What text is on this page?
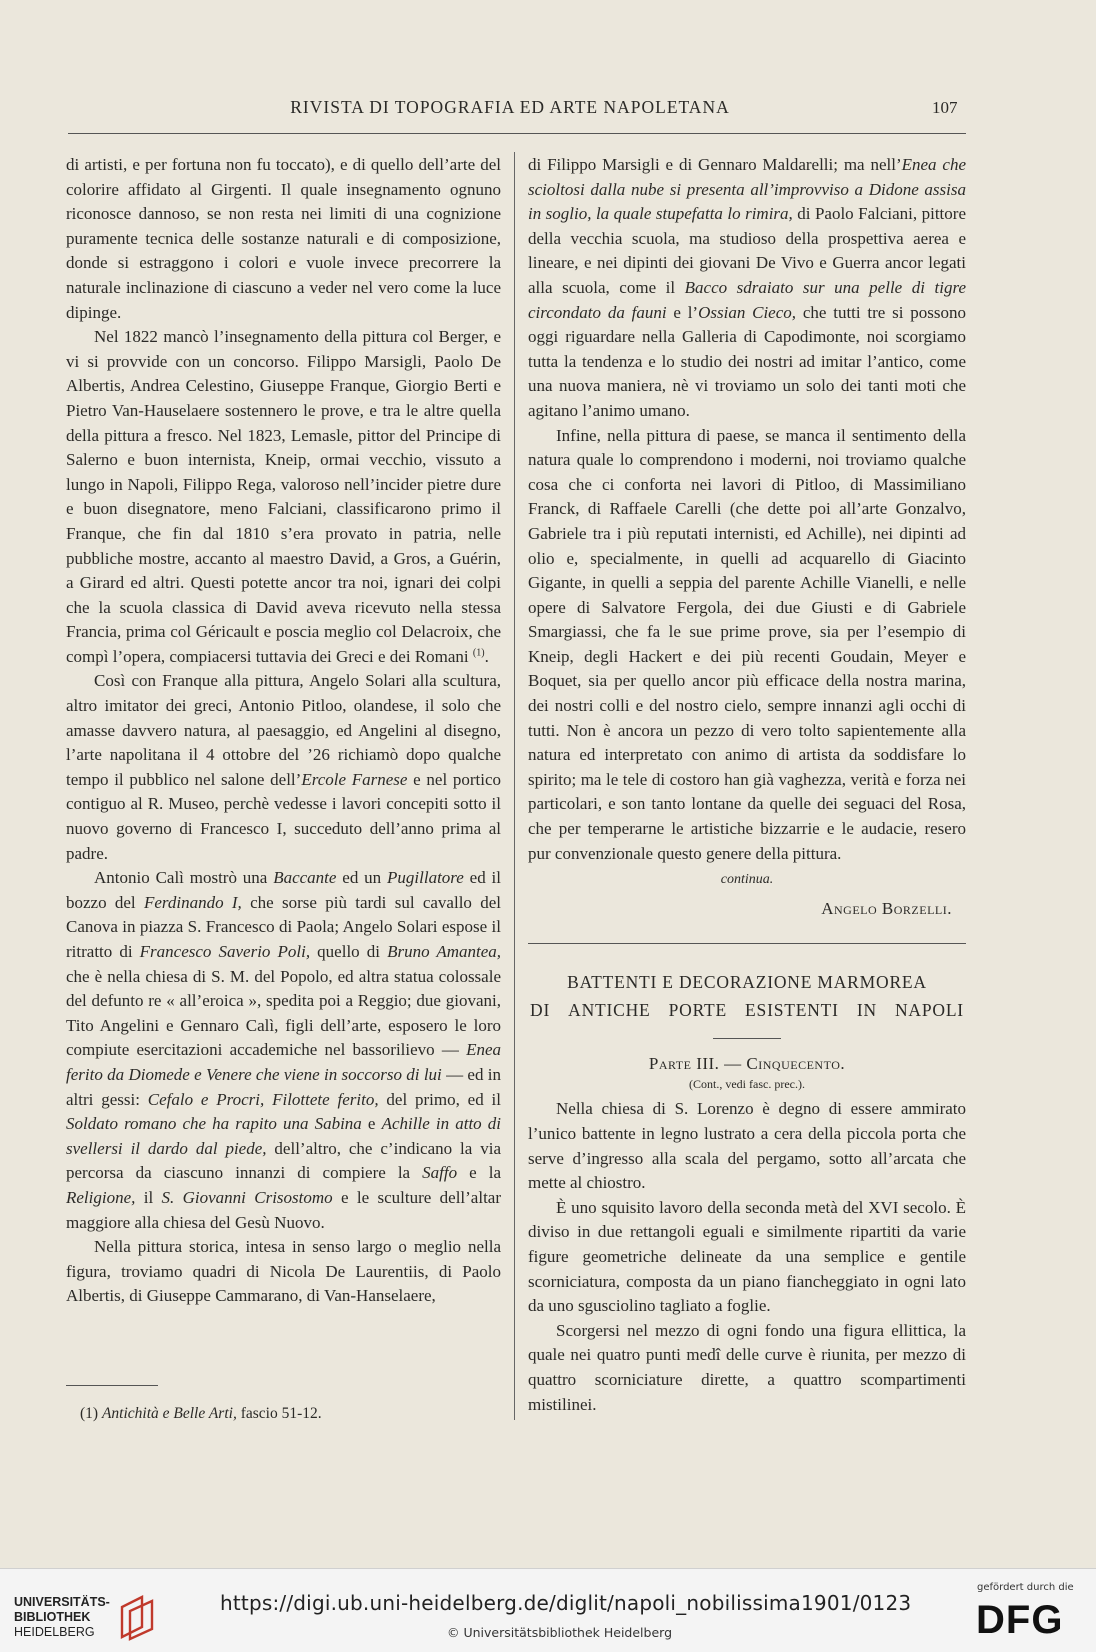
RIVISTA DI TOPOGRAFIA ED ARTE NAPOLETANA	107

di artisti, e per fortuna non fu toccato), e di quello dell’arte del colorire affidato al Girgenti. Il quale insegnamento ognuno riconosce dannoso, se non resta nei limiti di una cognizione puramente tecnica delle sostanze naturali e di composizione, donde si estraggono i colori e vuole invece precorrere la naturale inclinazione di ciascuno a veder nel vero come la luce dipinge.

Nel 1822 mancò l’insegnamento della pittura col Berger, e vi si provvide con un concorso. Filippo Marsigli, Paolo De Albertis, Andrea Celestino, Giuseppe Franque, Giorgio Berti e Pietro Van-Hauselaere sostennero le prove, e tra le altre quella della pittura a fresco. Nel 1823, Lemasle, pittor del Principe di Salerno e buon internista, Kneip, ormai vecchio, vissuto a lungo in Napoli, Filippo Rega, valoroso nell’incider pietre dure e buon disegnatore, meno Falciani, classificarono primo il Franque, che fin dal 1810 s’era provato in patria, nelle pubbliche mostre, accanto al maestro David, a Gros, a Guérin, a Girard ed altri. Questi potette ancor tra noi, ignari dei colpi che la scuola classica di David aveva ricevuto nella stessa Francia, prima col Géricault e poscia meglio col Delacroix, che compì l’opera, compiacersi tuttavia dei Greci e dei Romani $^{(1)}$.

Così con Franque alla pittura, Angelo Solari alla scultura, altro imitator dei greci, Antonio Pitloo, olandese, il solo che amasse davvero natura, al paesaggio, ed Angelini al disegno, l’arte napolitana il 4 ottobre del ’26 richiamò dopo qualche tempo il pubblico nel salone dell’Ercole Farnese e nel portico contiguo al R. Museo, perchè vedesse i lavori concepiti sotto il nuovo governo di Francesco I, succeduto dell’anno prima al padre.

Antonio Calì mostrò una Baccante ed un Pugillatore ed il bozzo del Ferdinando I, che sorse più tardi sul cavallo del Canova in piazza S. Francesco di Paola; Angelo Solari espose il ritratto di Francesco Saverio Poli, quello di Bruno Amantea, che è nella chiesa di S. M. del Popolo, ed altra statua colossale del defunto re « all’eroica », spedita poi a Reggio; due giovani, Tito Angelini e Gennaro Calì, figli dell’arte, esposero le loro compiute esercitazioni accademiche nel bassorilievo — Enea ferito da Diomede e Venere che viene in soccorso di lui — ed in altri gessi: Cefalo e Procri, Filottete ferito, del primo, ed il Soldato romano che ha rapito una Sabina e Achille in atto di svellersi il dardo dal piede, dell’altro, che c’indicano la via percorsa da ciascuno innanzi di compiere la Saffo e la Religione, il S. Giovanni Crisostomo e le sculture dell’altar maggiore alla chiesa del Gesù Nuovo.

Nella pittura storica, intesa in senso largo o meglio nella figura, troviamo quadri di Nicola De Laurentiis, di Paolo Albertis, di Giuseppe Cammarano, di Van-Hanselaere,

(1) Antichità e Belle Arti, fascio 51-12.

di Filippo Marsigli e di Gennaro Maldarelli; ma nell’Enea che scioltosi dalla nube si presenta all’improvviso a Didone assisa in soglio, la quale stupefatta lo rimira, di Paolo Falciani, pittore della vecchia scuola, ma studioso della prospettiva aerea e lineare, e nei dipinti dei giovani De Vivo e Guerra ancor legati alla scuola, come il Bacco sdraiato sur una pelle di tigre circondato da fauni e l’Ossian Cieco, che tutti tre si possono oggi riguardare nella Galleria di Capodimonte, noi scorgiamo tutta la tendenza e lo studio dei nostri ad imitar l’antico, come una nuova maniera, nè vi troviamo un solo dei tanti moti che agitano l’animo umano.

Infine, nella pittura di paese, se manca il sentimento della natura quale lo comprendono i moderni, noi troviamo qualche cosa che ci conforta nei lavori di Pitloo, di Massimiliano Franck, di Raffaele Carelli (che dette poi all’arte Gonzalvo, Gabriele tra i più reputati internisti, ed Achille), nei dipinti ad olio e, specialmente, in quelli ad acquarello di Giacinto Gigante, in quelli a seppia del parente Achille Vianelli, e nelle opere di Salvatore Fergola, dei due Giusti e di Gabriele Smargiassi, che fa le sue prime prove, sia per l’esempio di Kneip, degli Hackert e dei più recenti Goudain, Meyer e Boquet, sia per quello ancor più efficace della nostra marina, dei nostri colli e del nostro cielo, sempre innanzi agli occhi di tutti. Non è ancora un pezzo di vero tolto sapientemente alla natura ed interpretato con animo di artista da soddisfare lo spirito; ma le tele di costoro han già vaghezza, verità e forza nei particolari, e son tanto lontane da quelle dei seguaci del Rosa, che per temperarne le artistiche bizzarrie e le audacie, resero pur convenzionale questo genere della pittura.

continua.
Angelo Borzelli.
BATTENTI E DECORAZIONE MARMOREA
DI ANTICHE PORTE ESISTENTI IN NAPOLI
Parte III. — Cinquecento.
(Cont., vedi fasc. prec.).

Nella chiesa di S. Lorenzo è degno di essere ammirato l’unico battente in legno lustrato a cera della piccola porta che serve d’ingresso alla scala del pergamo, sotto all’arcata che mette al chiostro.

È uno squisito lavoro della seconda metà del XVI secolo. È diviso in due rettangoli eguali e similmente ripartiti da varie figure geometriche delineate da una semplice e gentile scorniciatura, composta da un piano fiancheggiato in ogni lato da uno sgusciolino tagliato a foglie.

Scorgersi nel mezzo di ogni fondo una figura ellittica, la quale nei quatro punti medî delle curve è riunita, per mezzo di quattro scorniciature dirette, a quattro scompartimenti mistilinei.

UNIVERSITÄTS-
BIBLIOTHEK
HEIDELBERG
https://digi.ub.uni-heidelberg.de/diglit/napoli_nobilissima1901/0123
© Universitätsbibliothek Heidelberg
gefördert durch die
DFG
